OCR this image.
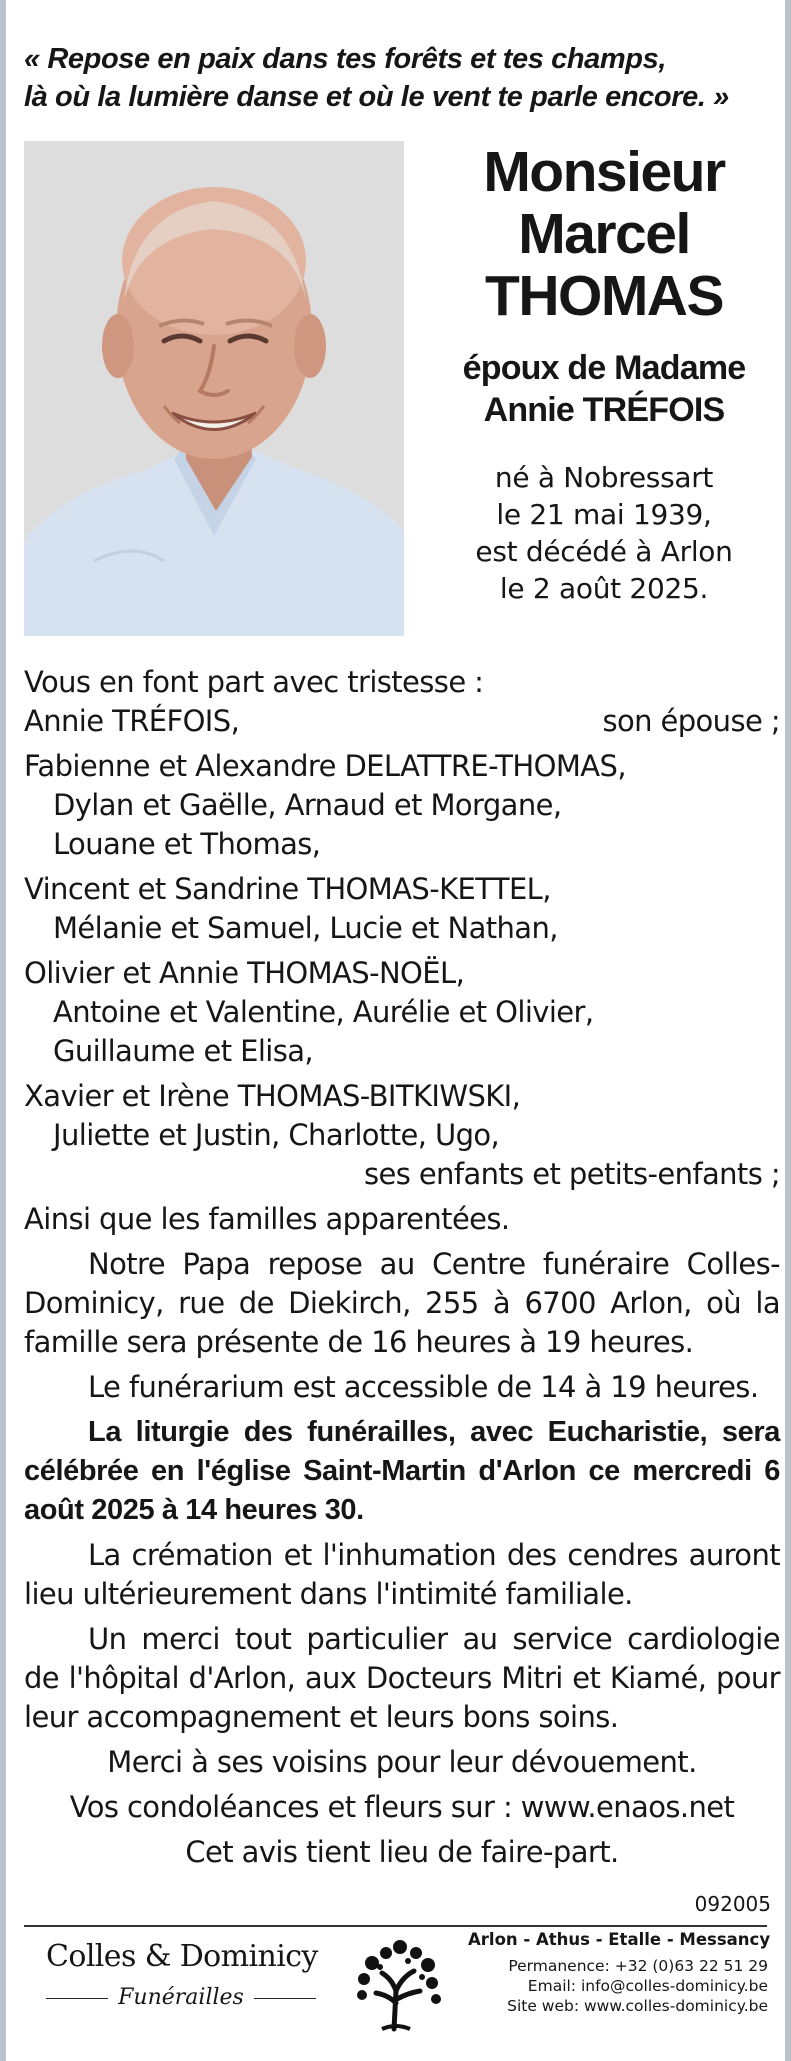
« Repose en paix dans tes forêts et tes champs,
là où la lumière danse et où le vent te parle encore. »
Monsieur
Marcel
THOMAS
époux de Madame
Annie TRÉFOIS
né à Nobressart
le 21 mai 1939,
est décédé à Arlon
le 2 août 2025.
Vous en font part avec tristesse :
Annie TRÉFOIS,	son épouse ;
Fabienne et Alexandre DELATTRE-THOMAS,
Dylan et Gaëlle, Arnaud et Morgane,
Louane et Thomas,
Vincent et Sandrine THOMAS-KETTEL,
Mélanie et Samuel, Lucie et Nathan,
Olivier et Annie THOMAS-NOËL,
Antoine et Valentine, Aurélie et Olivier,
Guillaume et Elisa,
Xavier et Irène THOMAS-BITKIWSKI,
Juliette et Justin, Charlotte, Ugo,
ses enfants et petits-enfants ;
Ainsi que les familles apparentées.
Notre Papa repose au Centre funéraire Colles-Dominicy, rue de Diekirch, 255 à 6700 Arlon, où la famille sera présente de 16 heures à 19 heures.
Le funérarium est accessible de 14 à 19 heures.
La liturgie des funérailles, avec Eucharistie, sera célébrée en l'église Saint-Martin d'Arlon ce mercredi 6 août 2025 à 14 heures 30.
La crémation et l'inhumation des cendres auront lieu ultérieurement dans l'intimité familiale.
Un merci tout particulier au service cardiologie de l'hôpital d'Arlon, aux Docteurs Mitri et Kiamé, pour leur accompagnement et leurs bons soins.
Merci à ses voisins pour leur dévouement.
Vos condoléances et fleurs sur : www.enaos.net
Cet avis tient lieu de faire-part.
092005
Colles & Dominicy
Funérailles
Arlon - Athus - Etalle - Messancy
Permanence: +32 (0)63 22 51 29
Email: info@colles-dominicy.be
Site web: www.colles-dominicy.be
